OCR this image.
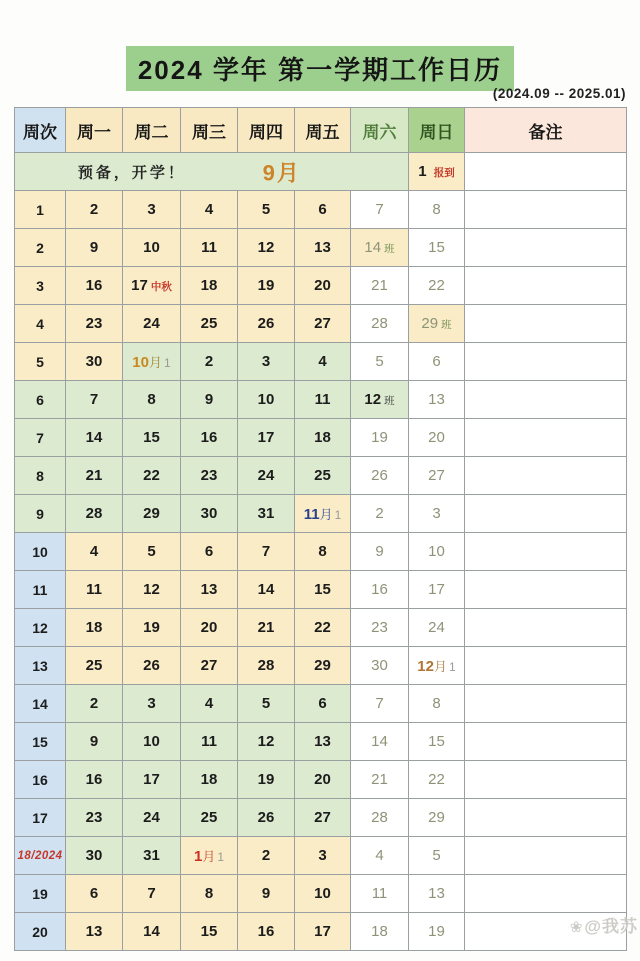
2024 学年 第一学期工作日历
(2024.09 -- 2025.01)
周次	周一	周二	周三	周四	周五	周六	周日	备注

预备，开学！ 9月							1 报到	
1	2	3	4	5	6	7	8	
2	9	10	11	12	13	14 班	15	
3	16	17 中秋	18	19	20	21	22	
4	23	24	25	26	27	28	29 班	
5	30	10月 1	2	3	4	5	6	
6	7	8	9	10	11	12 班	13	
7	14	15	16	17	18	19	20	
8	21	22	23	24	25	26	27	
9	28	29	30	31	11月 1	2	3	
10	4	5	6	7	8	9	10	
11	11	12	13	14	15	16	17	
12	18	19	20	21	22	23	24	
13	25	26	27	28	29	30	12月 1	
14	2	3	4	5	6	7	8	
15	9	10	11	12	13	14	15	
16	16	17	18	19	20	21	22	
17	23	24	25	26	27	28	29	
18/2024	30	31	1月 1	2	3	4	5	
19	6	7	8	9	10	11	13	
20	13	14	15	16	17	18	19		❀@我苏
